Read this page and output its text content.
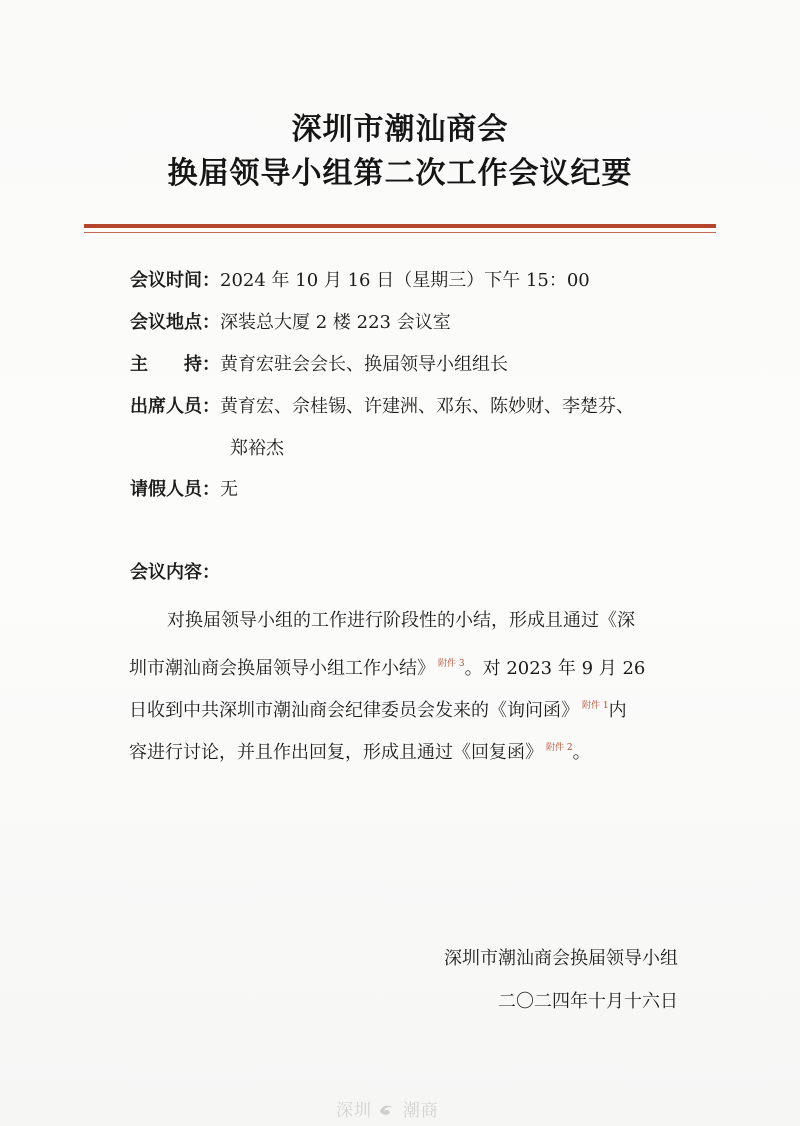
深圳市潮汕商会
换届领导小组第二次工作会议纪要
会议时间：2024 年 10 月 16 日（星期三）下午 15：00
会议地点：深装总大厦 2 楼 223 会议室
主　　持：黄育宏驻会会长、换届领导小组组长
出席人员：黄育宏、佘桂锡、许建洲、邓东、陈妙财、李楚芬、
郑裕杰
请假人员：无
会议内容：
对换届领导小组的工作进行阶段性的小结，形成且通过《深
圳市潮汕商会换届领导小组工作小结》 $^{附件 3}$。对 2023 年 9 月 26
日收到中共深圳市潮汕商会纪律委员会发来的《询问函》 $^{附件 1}$内
容进行讨论，并且作出回复，形成且通过《回复函》 $^{附件 2}$。
深圳市潮汕商会换届领导小组
二〇二四年十月十六日
深圳 潮商
